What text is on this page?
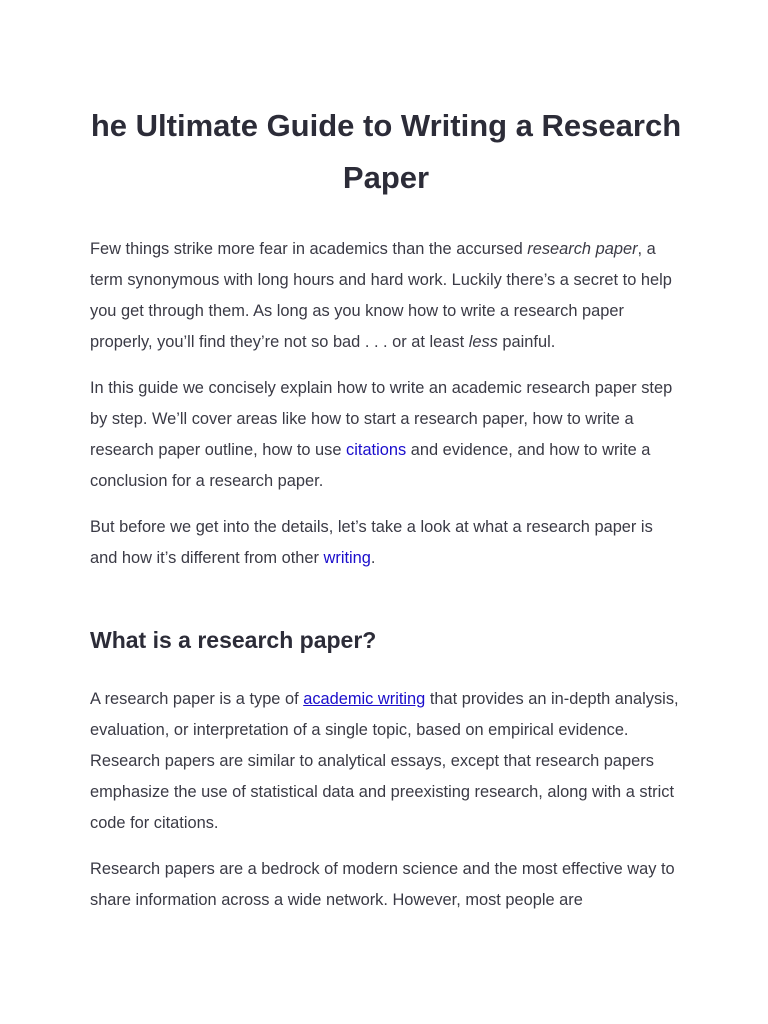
he Ultimate Guide to Writing a Research Paper

Few things strike more fear in academics than the accursed research paper, a term synonymous with long hours and hard work. Luckily there’s a secret to help you get through them. As long as you know how to write a research paper properly, you’ll find they’re not so bad . . . or at least less painful.

In this guide we concisely explain how to write an academic research paper step by step. We’ll cover areas like how to start a research paper, how to write a research paper outline, how to use citations and evidence, and how to write a conclusion for a research paper.

But before we get into the details, let’s take a look at what a research paper is and how it’s different from other writing.

What is a research paper?

A research paper is a type of academic writing that provides an in-depth analysis, evaluation, or interpretation of a single topic, based on empirical evidence. Research papers are similar to analytical essays, except that research papers emphasize the use of statistical data and preexisting research, along with a strict code for citations.

Research papers are a bedrock of modern science and the most effective way to share information across a wide network. However, most people are
